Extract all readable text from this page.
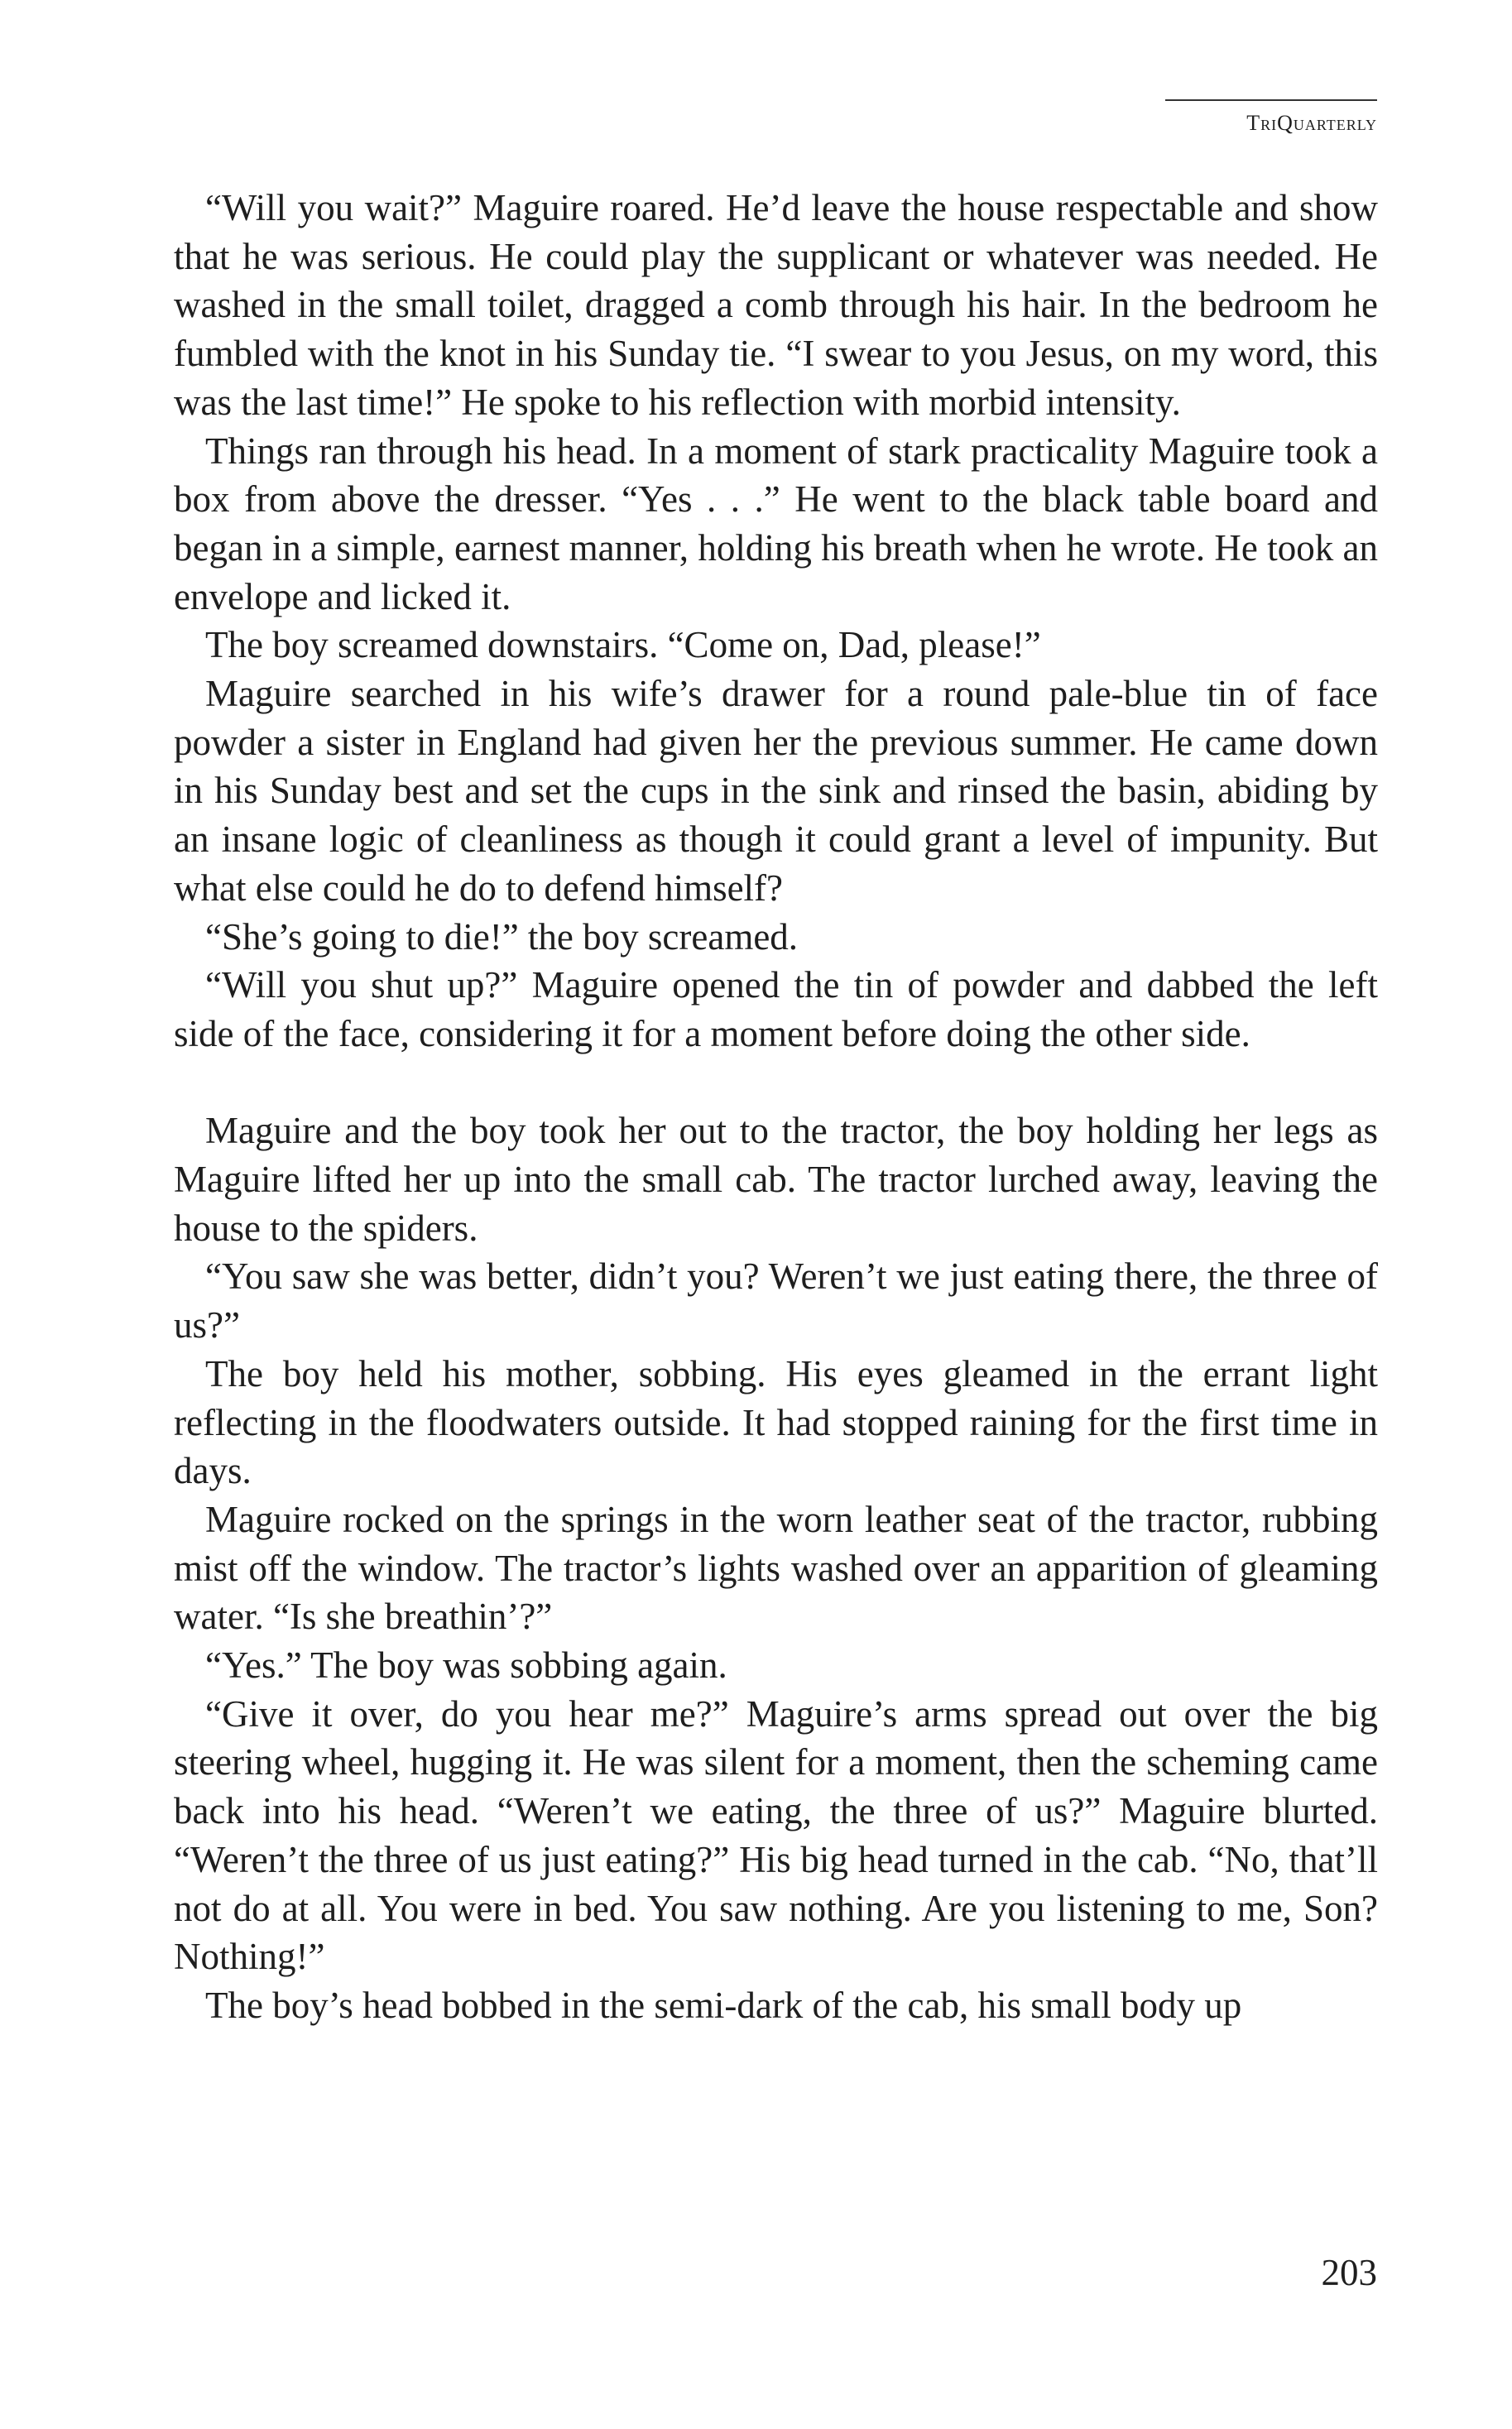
TriQuarterly

“Will you wait?” Maguire roared. He’d leave the house respectable and show that he was serious. He could play the supplicant or whatever was needed. He washed in the small toilet, dragged a comb through his hair. In the bedroom he fumbled with the knot in his Sunday tie. “I swear to you Jesus, on my word, this was the last time!” He spoke to his reflection with morbid intensity.

Things ran through his head. In a moment of stark practicality Maguire took a box from above the dresser. “Yes . . .” He went to the black table board and began in a simple, earnest manner, holding his breath when he wrote. He took an envelope and licked it.

The boy screamed downstairs. “Come on, Dad, please!”

Maguire searched in his wife’s drawer for a round pale-blue tin of face powder a sister in England had given her the previous summer. He came down in his Sunday best and set the cups in the sink and rinsed the basin, abiding by an insane logic of cleanliness as though it could grant a level of impunity. But what else could he do to defend himself?

“She’s going to die!” the boy screamed.

“Will you shut up?” Maguire opened the tin of powder and dabbed the left side of the face, considering it for a moment before doing the other side.

Maguire and the boy took her out to the tractor, the boy holding her legs as Maguire lifted her up into the small cab. The tractor lurched away, leaving the house to the spiders.

“You saw she was better, didn’t you? Weren’t we just eating there, the three of us?”

The boy held his mother, sobbing. His eyes gleamed in the errant light reflecting in the floodwaters outside. It had stopped raining for the first time in days.

Maguire rocked on the springs in the worn leather seat of the tractor, rubbing mist off the window. The tractor’s lights washed over an apparition of gleaming water. “Is she breathin’?”

“Yes.” The boy was sobbing again.

“Give it over, do you hear me?” Maguire’s arms spread out over the big steering wheel, hugging it. He was silent for a moment, then the scheming came back into his head. “Weren’t we eating, the three of us?” Maguire blurted. “Weren’t the three of us just eating?” His big head turned in the cab. “No, that’ll not do at all. You were in bed. You saw nothing. Are you listening to me, Son? Nothing!”

The boy’s head bobbed in the semi-dark of the cab, his small body up

203
